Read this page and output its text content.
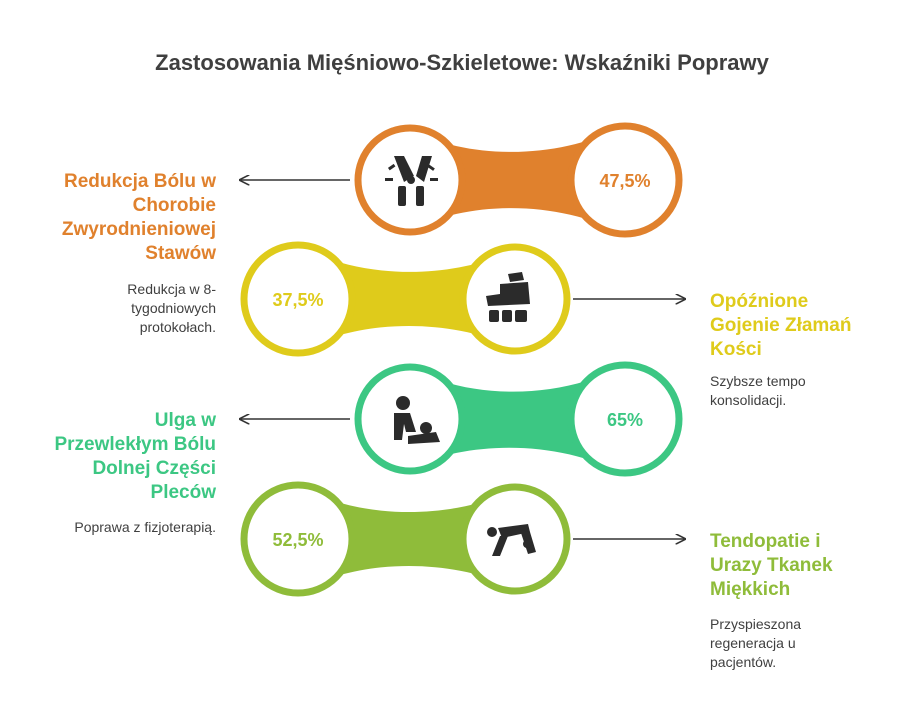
Zastosowania Mięśniowo-Szkieletowe: Wskaźniki Poprawy
47,5%
37,5%
65%
52,5%
Redukcja Bólu w Chorobie Zwyrodnieniowej Stawów
Redukcja w 8-tygodniowych protokołach.
Opóźnione Gojenie Złamań Kości
Szybsze tempo konsolidacji.
Ulga w Przewlekłym Bólu Dolnej Części Pleców
Poprawa z fizjoterapią.
Tendopatie i Urazy Tkanek Miękkich
Przyspieszona regeneracja u pacjentów.
